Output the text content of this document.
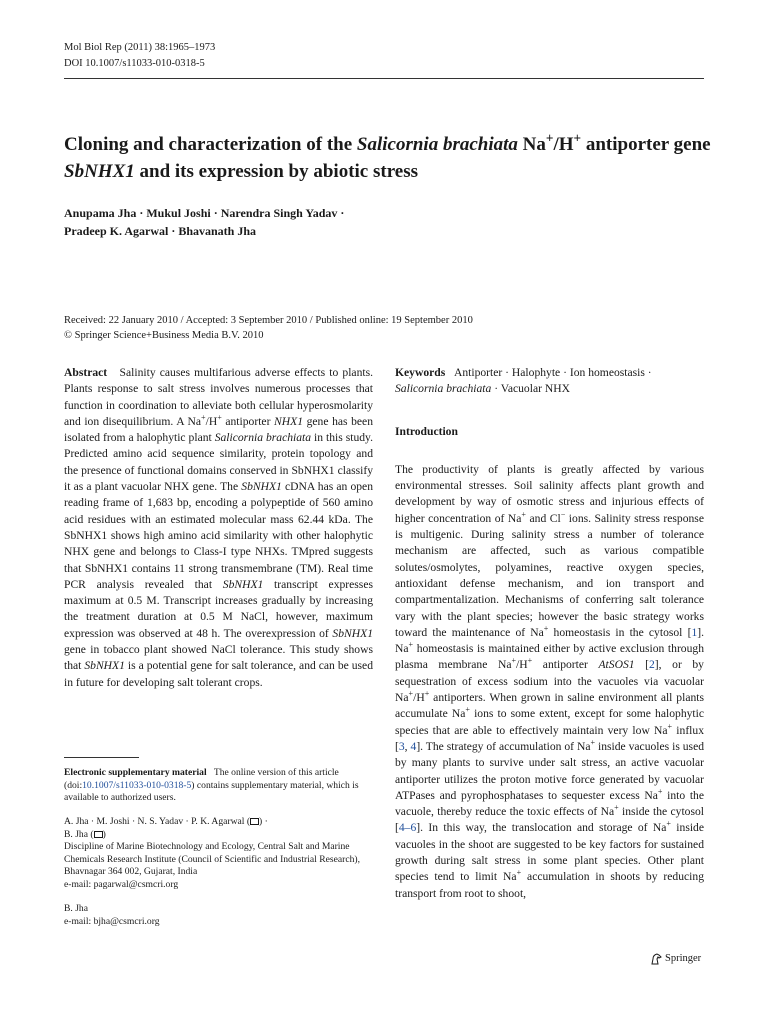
Mol Biol Rep (2011) 38:1965–1973
DOI 10.1007/s11033-010-0318-5
Cloning and characterization of the Salicornia brachiata Na+/H+ antiporter gene SbNHX1 and its expression by abiotic stress
Anupama Jha · Mukul Joshi · Narendra Singh Yadav ·
Pradeep K. Agarwal · Bhavanath Jha
Received: 22 January 2010 / Accepted: 3 September 2010 / Published online: 19 September 2010
© Springer Science+Business Media B.V. 2010

Abstract Salinity causes multifarious adverse effects to plants. Plants response to salt stress involves numerous processes that function in coordination to alleviate both cellular hyperosmolarity and ion disequilibrium. A Na+/H+ antiporter NHX1 gene has been isolated from a halophytic plant Salicornia brachiata in this study. Predicted amino acid sequence similarity, protein topology and the presence of functional domains conserved in SbNHX1 classify it as a plant vacuolar NHX gene. The SbNHX1 cDNA has an open reading frame of 1,683 bp, encoding a polypeptide of 560 amino acid residues with an estimated molecular mass 62.44 kDa. The SbNHX1 shows high amino acid similarity with other halophytic NHX gene and belongs to Class-I type NHXs. TMpred suggests that SbNHX1 contains 11 strong transmembrane (TM). Real time PCR analysis revealed that SbNHX1 transcript expresses maximum at 0.5 M. Transcript increases gradually by increasing the treatment duration at 0.5 M NaCl, however, maximum expression was observed at 48 h. The overexpression of SbNHX1 gene in tobacco plant showed NaCl tolerance. This study shows that SbNHX1 is a potential gene for salt tolerance, and can be used in future for developing salt tolerant crops.

Electronic supplementary material The online version of this article (doi:10.1007/s11033-010-0318-5) contains supplementary material, which is available to authorized users.
A. Jha · M. Joshi · N. S. Yadav · P. K. Agarwal ( ) ·
B. Jha ( )
Discipline of Marine Biotechnology and Ecology, Central Salt and Marine Chemicals Research Institute (Council of Scientific and Industrial Research), Bhavnagar 364 002, Gujarat, India
e-mail: pagarwal@csmcri.org
B. Jha
e-mail: bjha@csmcri.org

Keywords Antiporter · Halophyte · Ion homeostasis ·
Salicornia brachiata · Vacuolar NHX

Introduction

The productivity of plants is greatly affected by various environmental stresses. Soil salinity affects plant growth and development by way of osmotic stress and injurious effects of higher concentration of Na+ and Cl− ions. Salinity stress response is multigenic. During salinity stress a number of tolerance mechanism are affected, such as various compatible solutes/osmolytes, polyamines, reactive oxygen species, antioxidant defense mechanism, and ion transport and compartmentalization. Mechanisms of conferring salt tolerance vary with the plant species; however the basic strategy works toward the maintenance of Na+ homeostasis in the cytosol [1]. Na+ homeostasis is maintained either by active exclusion through plasma membrane Na+/H+ antiporter AtSOS1 [2], or by sequestration of excess sodium into the vacuoles via vacuolar Na+/H+ antiporters. When grown in saline environment all plants accumulate Na+ ions to some extent, except for some halophytic species that are able to effectively maintain very low Na+ influx [3, 4]. The strategy of accumulation of Na+ inside vacuoles is used by many plants to survive under salt stress, an active vacuolar antiporter utilizes the proton motive force generated by vacuolar ATPases and pyrophosphatases to sequester excess Na+ into the vacuole, thereby reduce the toxic effects of Na+ inside the cytosol [4–6]. In this way, the translocation and storage of Na+ inside vacuoles in the shoot are suggested to be key factors for sustained growth during salt stress in some plant species. Other plant species tend to limit Na+ accumulation in shoots by reducing transport from root to shoot,

Springer
